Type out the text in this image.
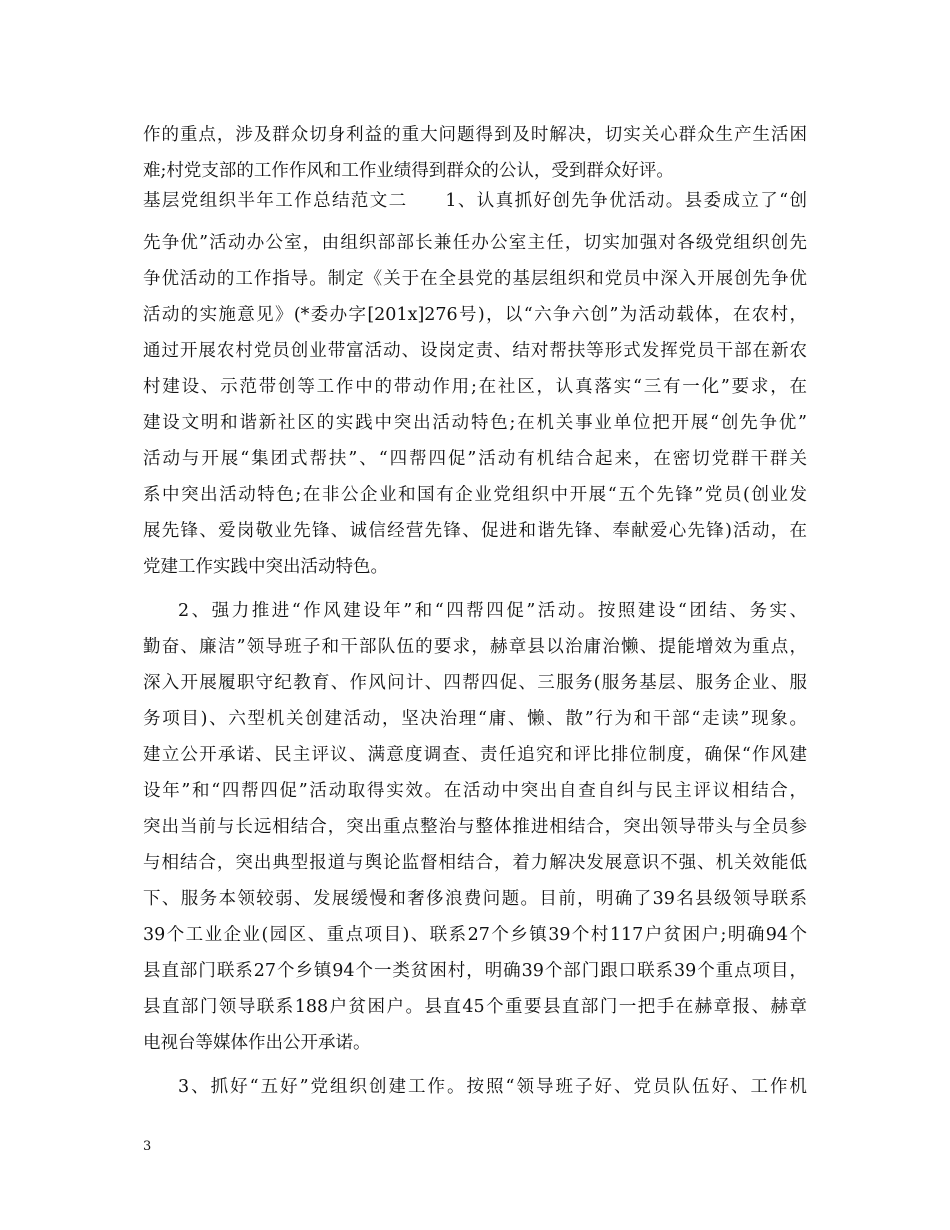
作的重点，涉及群众切身利益的重大问题得到及时解决，切实关心群众生产生活困
难;村党支部的工作作风和工作业绩得到群众的公认，受到群众好评。
基层党组织半年工作总结范文二　　1、认真抓好创先争优活动。县委成立了“创
先争优”活动办公室，由组织部部长兼任办公室主任，切实加强对各级党组织创先
争优活动的工作指导。制定《关于在全县党的基层组织和党员中深入开展创先争优
活动的实施意见》(*委办字[201x]276号)，以“六争六创”为活动载体，在农村，
通过开展农村党员创业带富活动、设岗定责、结对帮扶等形式发挥党员干部在新农
村建设、示范带创等工作中的带动作用;在社区，认真落实“三有一化”要求，在
建设文明和谐新社区的实践中突出活动特色;在机关事业单位把开展“创先争优”
活动与开展“集团式帮扶”、“四帮四促”活动有机结合起来，在密切党群干群关
系中突出活动特色;在非公企业和国有企业党组织中开展“五个先锋”党员(创业发
展先锋、爱岗敬业先锋、诚信经营先锋、促进和谐先锋、奉献爱心先锋)活动，在
党建工作实践中突出活动特色。
2、强力推进“作风建设年”和“四帮四促”活动。按照建设“团结、务实、
勤奋、廉洁”领导班子和干部队伍的要求，赫章县以治庸治懒、提能增效为重点，
深入开展履职守纪教育、作风问计、四帮四促、三服务(服务基层、服务企业、服
务项目)、六型机关创建活动，坚决治理“庸、懒、散”行为和干部“走读”现象。
建立公开承诺、民主评议、满意度调查、责任追究和评比排位制度，确保“作风建
设年”和“四帮四促”活动取得实效。在活动中突出自查自纠与民主评议相结合，
突出当前与长远相结合，突出重点整治与整体推进相结合，突出领导带头与全员参
与相结合，突出典型报道与舆论监督相结合，着力解决发展意识不强、机关效能低
下、服务本领较弱、发展缓慢和奢侈浪费问题。目前，明确了39名县级领导联系
39个工业企业(园区、重点项目)、联系27个乡镇39个村117户贫困户;明确94个
县直部门联系27个乡镇94个一类贫困村，明确39个部门跟口联系39个重点项目，
县直部门领导联系188户贫困户。县直45个重要县直部门一把手在赫章报、赫章
电视台等媒体作出公开承诺。
3、抓好“五好”党组织创建工作。按照“领导班子好、党员队伍好、工作机
3
